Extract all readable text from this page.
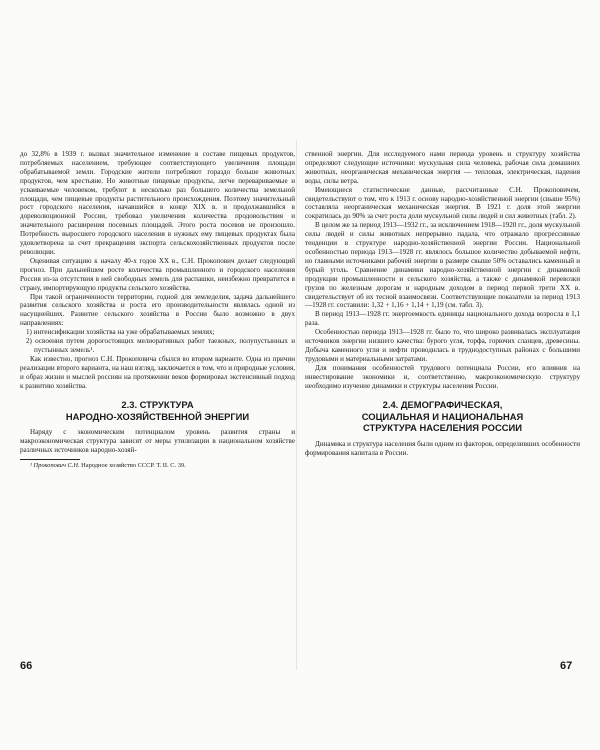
до 32,8% в 1939 г. вызвал значительное изменение в составе пищевых продуктов, потребляемых населением, требующее соответствующего увеличения площади обрабатываемой земли. Городские жители потребляют гораздо больше животных продуктов, чем крестьяне. Но животные пищевые продукты, легче перевариваемые и усваиваемые человеком, требуют в несколько раз большего количества земельной площади, чем пищевые продукты растительного происхождения. Поэтому значительный рост городского населения, начавшийся в конце XIX в. и продолжавшийся в дореволюционной России, требовал увеличения количества продовольствия и значительного расширения посевных площадей. Этого роста посевов не произошло. Потребность выросшего городского населения в нужных ему пищевых продуктах была удовлетворена за счет прекращения экспорта сельскохозяйственных продуктов после революции.

Оценивая ситуацию к началу 40-х годов XX в., С.Н. Прокопович делает следующий прогноз. При дальнейшем росте количества промышленного и городского населения Россия из-за отсутствия в ней свободных земель для распашки, неизбежно превратится в страну, импортирующую продукты сельского хозяйства.

При такой ограниченности территории, годной для земледелия, задача дальнейшего развития сельского хозяйства и роста его производительности являлась одной из насущнейших. Развитие сельского хозяйства в России было возможно в двух направлениях:

1) интенсификации хозяйства на уже обрабатываемых землях;
2) освоения путем дорогостоящих мелиоративных работ таежных, полупустынных и пустынных земель¹.

Как известно, прогноз С.Н. Прокоповича сбылся во втором варианте. Одна из причин реализации второго варианта, на наш взгляд, заключается в том, что и природные условия, и образ жизни и мыслей россиян на протяжении веков формировал экстенсивный подход к развитию хозяйства.

2.3. СТРУКТУРА
НАРОДНО-ХОЗЯЙСТВЕННОЙ ЭНЕРГИИ

Наряду с экономическим потенциалом уровень развития страны и макроэкономическая структура зависят от меры утилизации в национальном хозяйстве различных источников народно-хозяй-

¹ Прокопович С.Н. Народное хозяйство СССР. Т. II. С. 39.

66

ственной энергии. Для исследуемого нами периода уровень и структуру хозяйства определяют следующие источники: мускульная сила человека, рабочая сила домашних животных, неорганическая механическая энергия — тепловая, электрическая, падения воды, силы ветра.

Имеющиеся статистические данные, рассчитанные С.Н. Прокоповичем, свидетельствуют о том, что к 1913 г. основу народно-хозяйственной энергии (свыше 95%) составляла неорганическая механическая энергия. В 1921 г. доля этой энергии сократилась до 90% за счет роста доли мускульной силы людей и сил животных (табл. 2).

В целом же за период 1913—1932 гг., за исключением 1918—1920 гг., доля мускульной силы людей и силы животных непрерывно падала, что отражало прогрессивные тенденции в структуре народно-хозяйственной энергии России. Национальной особенностью периода 1913—1928 гг. являлось большое количество добываемой нефти, но главными источниками рабочей энергии в размере свыше 50% оставались каменный и бурый уголь. Сравнение динамики народно-хозяйственной энергии с динамикой продукции промышленности и сельского хозяйства, а также с динамикой перевозки грузов по железным дорогам и народным доходом в период первой трети XX в. свидетельствует об их тесной взаимосвязи. Соответствующие показатели за период 1913—1928 гг. составили: 1,32 + 1,16 + 1,14 + 1,19 (см. табл. 3).

В период 1913—1928 гг. энергоемкость единицы национального дохода возросла в 1,1 раза.

Особенностью периода 1913—1928 гг. было то, что широко развивалась эксплуатация источников энергии низшего качества: бурого угля, торфа, горючих сланцев, древесины. Добыча каменного угля и нефти проводилась в труднодоступных районах с большими трудовыми и материальными затратами.

Для понимания особенностей трудового потенциала России, его влияния на инвестирование экономики и, соответственно, макроэкономическую структуру необходимо изучение динамики и структуры населения России.

2.4. ДЕМОГРАФИЧЕСКАЯ,
СОЦИАЛЬНАЯ И НАЦИОНАЛЬНАЯ
СТРУКТУРА НАСЕЛЕНИЯ РОССИИ

Динамика и структура населения были одним из факторов, определивших особенности формирования капитала в России.

67
